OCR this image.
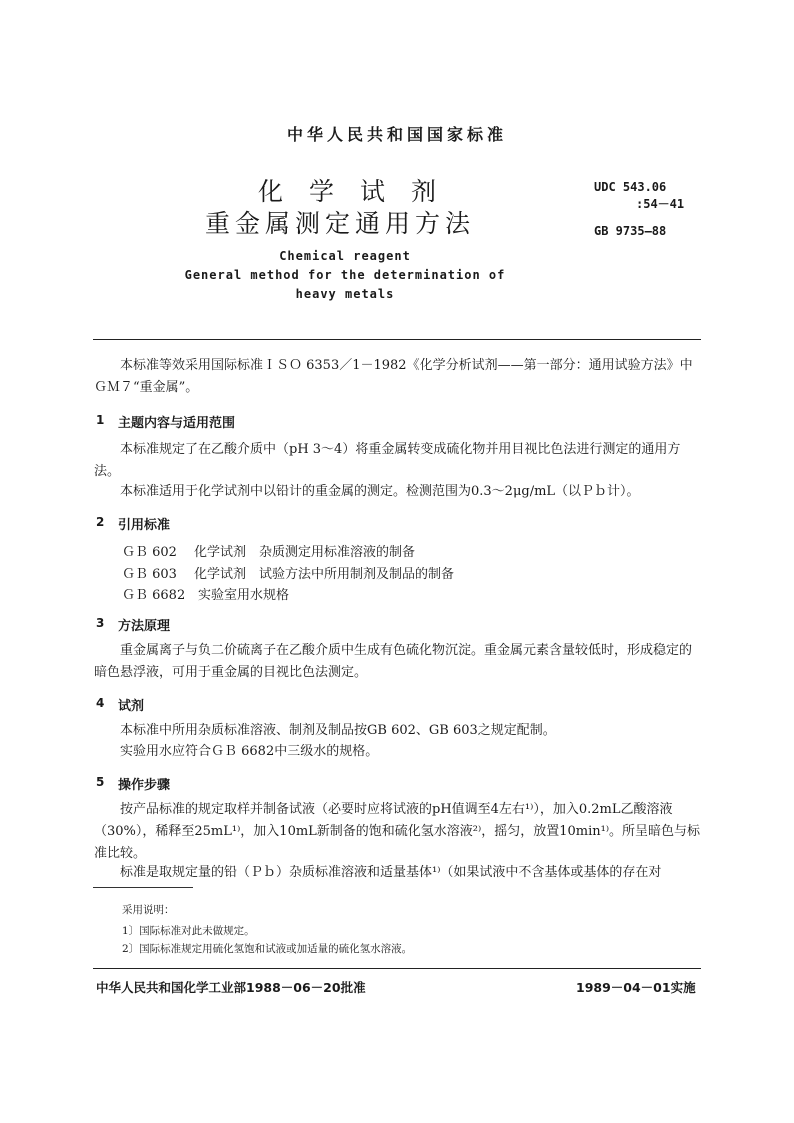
中华人民共和国国家标准
化学试剂
重金属测定通用方法
UDC 543.06
:54－41
GB 9735—88
Chemical reagent
General method for the determination of
heavy metals
本标准等效采用国际标准ＩＳＯ 6353／1－1982《化学分析试剂——第一部分：通用试验方法》中ＧＭ７“重金属”。
1 主题内容与适用范围
本标准规定了在乙酸介质中（pH 3～4）将重金属转变成硫化物并用目视比色法进行测定的通用方法。
本标准适用于化学试剂中以铅计的重金属的测定。检测范围为0.3～2μg/mL（以Ｐｂ计）。
2 引用标准
ＧＢ 602 化学试剂　杂质测定用标准溶液的制备
ＧＢ 603 化学试剂　试验方法中所用制剂及制品的制备
ＧＢ 6682 实验室用水规格
3 方法原理
重金属离子与负二价硫离子在乙酸介质中生成有色硫化物沉淀。重金属元素含量较低时，形成稳定的暗色悬浮液，可用于重金属的目视比色法测定。
4 试剂
本标准中所用杂质标准溶液、制剂及制品按GB 602、GB 603之规定配制。
实验用水应符合ＧＢ 6682中三级水的规格。
5 操作步骤
按产品标准的规定取样并制备试液（必要时应将试液的pH值调至4左右¹⁾），加入0.2mL乙酸溶液（30%），稀释至25mL¹⁾，加入10mL新制备的饱和硫化氢水溶液²⁾，摇匀，放置10min¹⁾。所呈暗色与标准比较。
标准是取规定量的铅（Ｐｂ）杂质标准溶液和适量基体¹⁾（如果试液中不含基体或基体的存在对
采用说明：
1〕国际标准对此未做规定。
2〕国际标准规定用硫化氢饱和试液或加适量的硫化氢水溶液。
中华人民共和国化学工业部1988－06－20批准	1989－04－01实施
